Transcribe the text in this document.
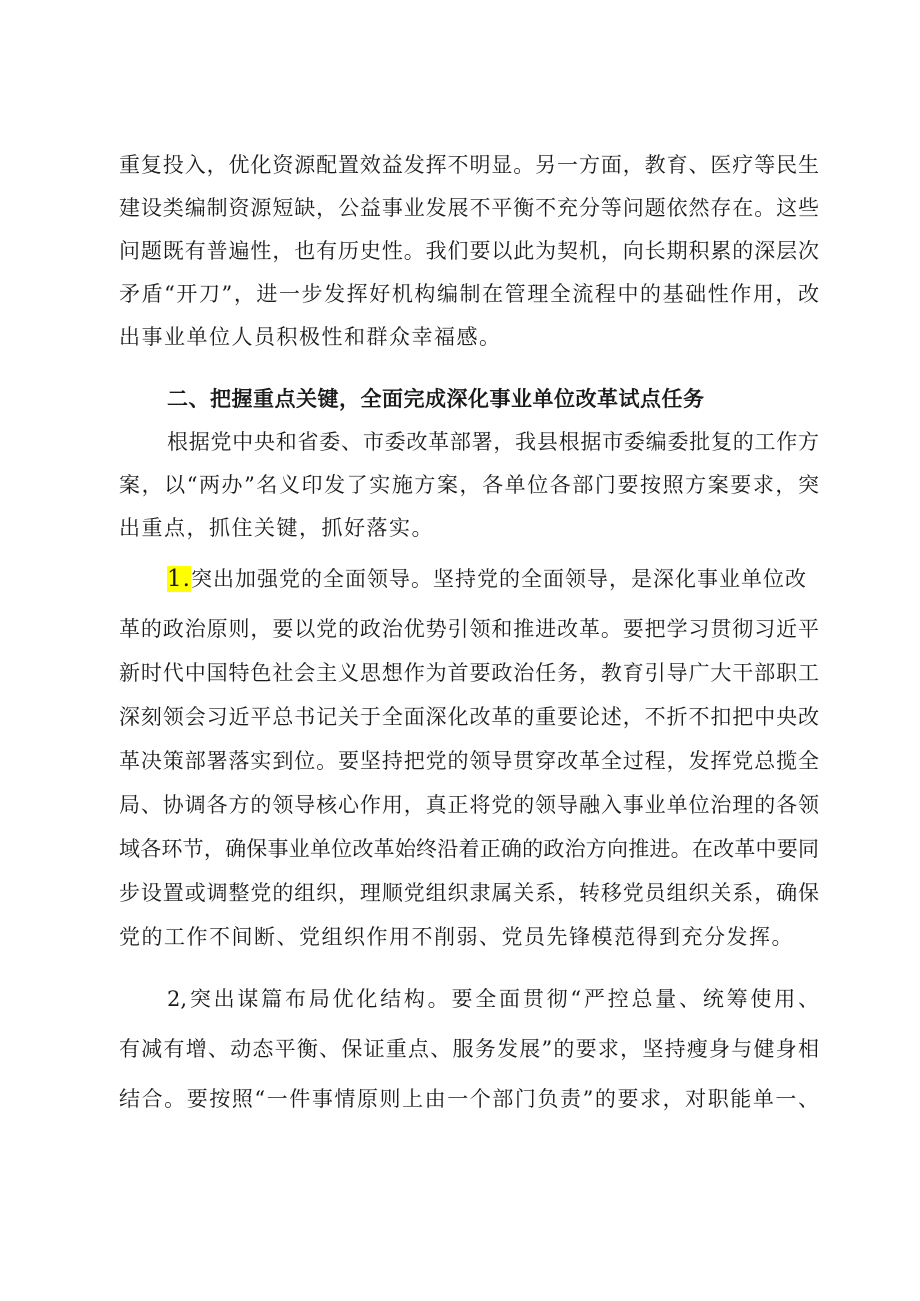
重复投入，优化资源配置效益发挥不明显。另一方面，教育、医疗等民生
建设类编制资源短缺，公益事业发展不平衡不充分等问题依然存在。这些
问题既有普遍性，也有历史性。我们要以此为契机，向长期积累的深层次
矛盾“开刀”，进一步发挥好机构编制在管理全流程中的基础性作用，改
出事业单位人员积极性和群众幸福感。
二、把握重点关键，全面完成深化事业单位改革试点任务
根据党中央和省委、市委改革部署，我县根据市委编委批复的工作方
案，以“两办”名义印发了实施方案，各单位各部门要按照方案要求，突
出重点，抓住关键，抓好落实。
1.突出加强党的全面领导。坚持党的全面领导，是深化事业单位改
革的政治原则，要以党的政治优势引领和推进改革。要把学习贯彻习近平
新时代中国特色社会主义思想作为首要政治任务，教育引导广大干部职工
深刻领会习近平总书记关于全面深化改革的重要论述，不折不扣把中央改
革决策部署落实到位。要坚持把党的领导贯穿改革全过程，发挥党总揽全
局、协调各方的领导核心作用，真正将党的领导融入事业单位治理的各领
域各环节，确保事业单位改革始终沿着正确的政治方向推进。在改革中要同
步设置或调整党的组织，理顺党组织隶属关系，转移党员组织关系，确保
党的工作不间断、党组织作用不削弱、党员先锋模范得到充分发挥。
2,突出谋篇布局优化结构。要全面贯彻“严控总量、统筹使用、
有减有增、动态平衡、保证重点、服务发展”的要求，坚持瘦身与健身相
结合。要按照“一件事情原则上由一个部门负责”的要求，对职能单一、
